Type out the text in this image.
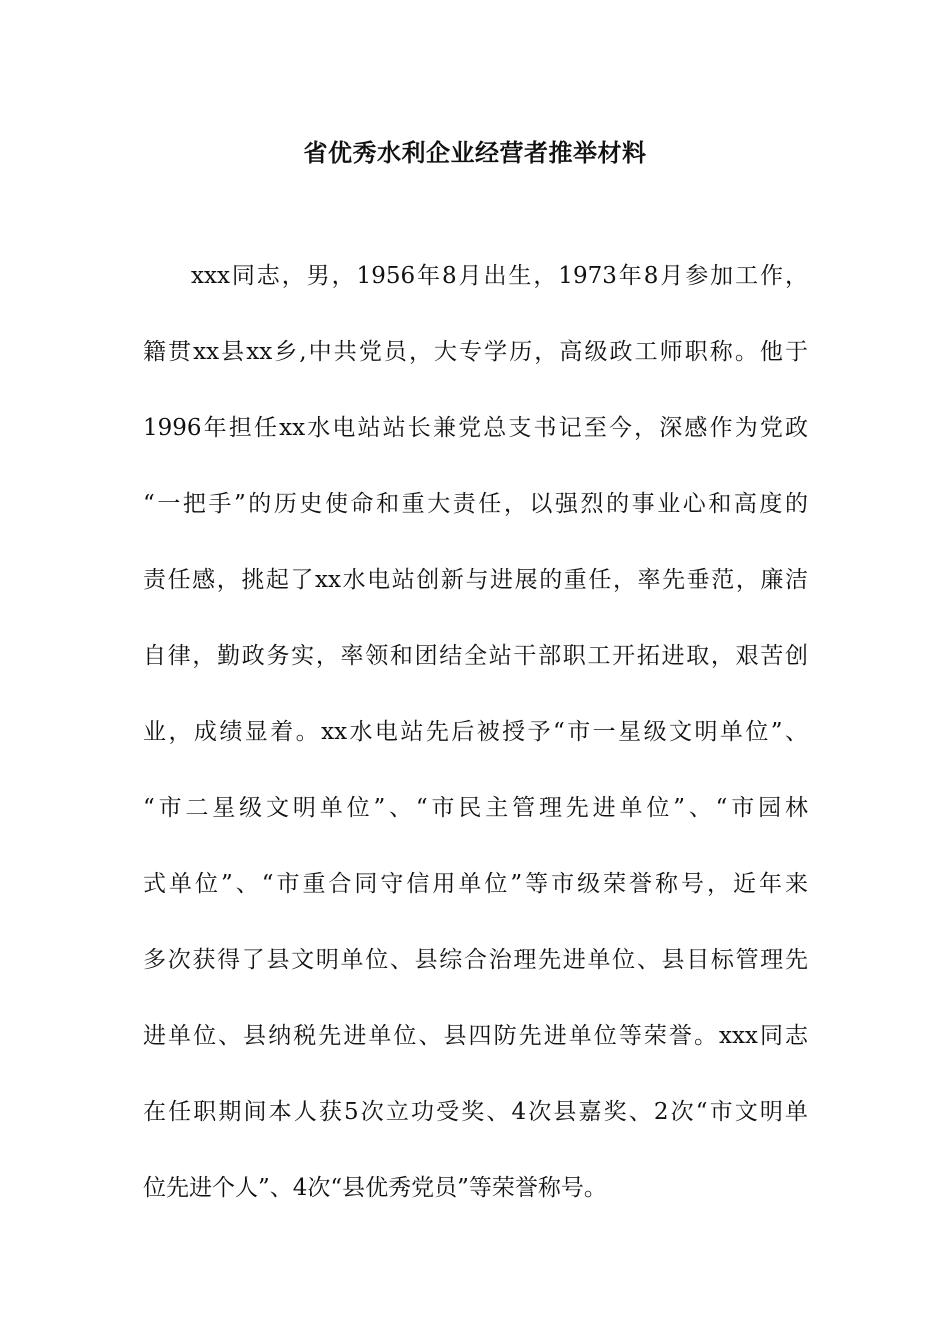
省优秀水利企业经营者推举材料
xxx同志，男，1956年8月出生，1973年8月参加工作，
籍贯xx县xx乡,中共党员，大专学历，高级政工师职称。他于
1996年担任xx水电站站长兼党总支书记至今，深感作为党政
“一把手”的历史使命和重大责任，以强烈的事业心和高度的
责任感，挑起了xx水电站创新与进展的重任，率先垂范，廉洁
自律，勤政务实，率领和团结全站干部职工开拓进取，艰苦创
业，成绩显着。xx水电站先后被授予“市一星级文明单位”、
“市二星级文明单位”、“市民主管理先进单位”、“市园林
式单位”、“市重合同守信用单位”等市级荣誉称号，近年来
多次获得了县文明单位、县综合治理先进单位、县目标管理先
进单位、县纳税先进单位、县四防先进单位等荣誉。xxx同志
在任职期间本人获5次立功受奖、4次县嘉奖、2次“市文明单
位先进个人”、4次“县优秀党员”等荣誉称号。
